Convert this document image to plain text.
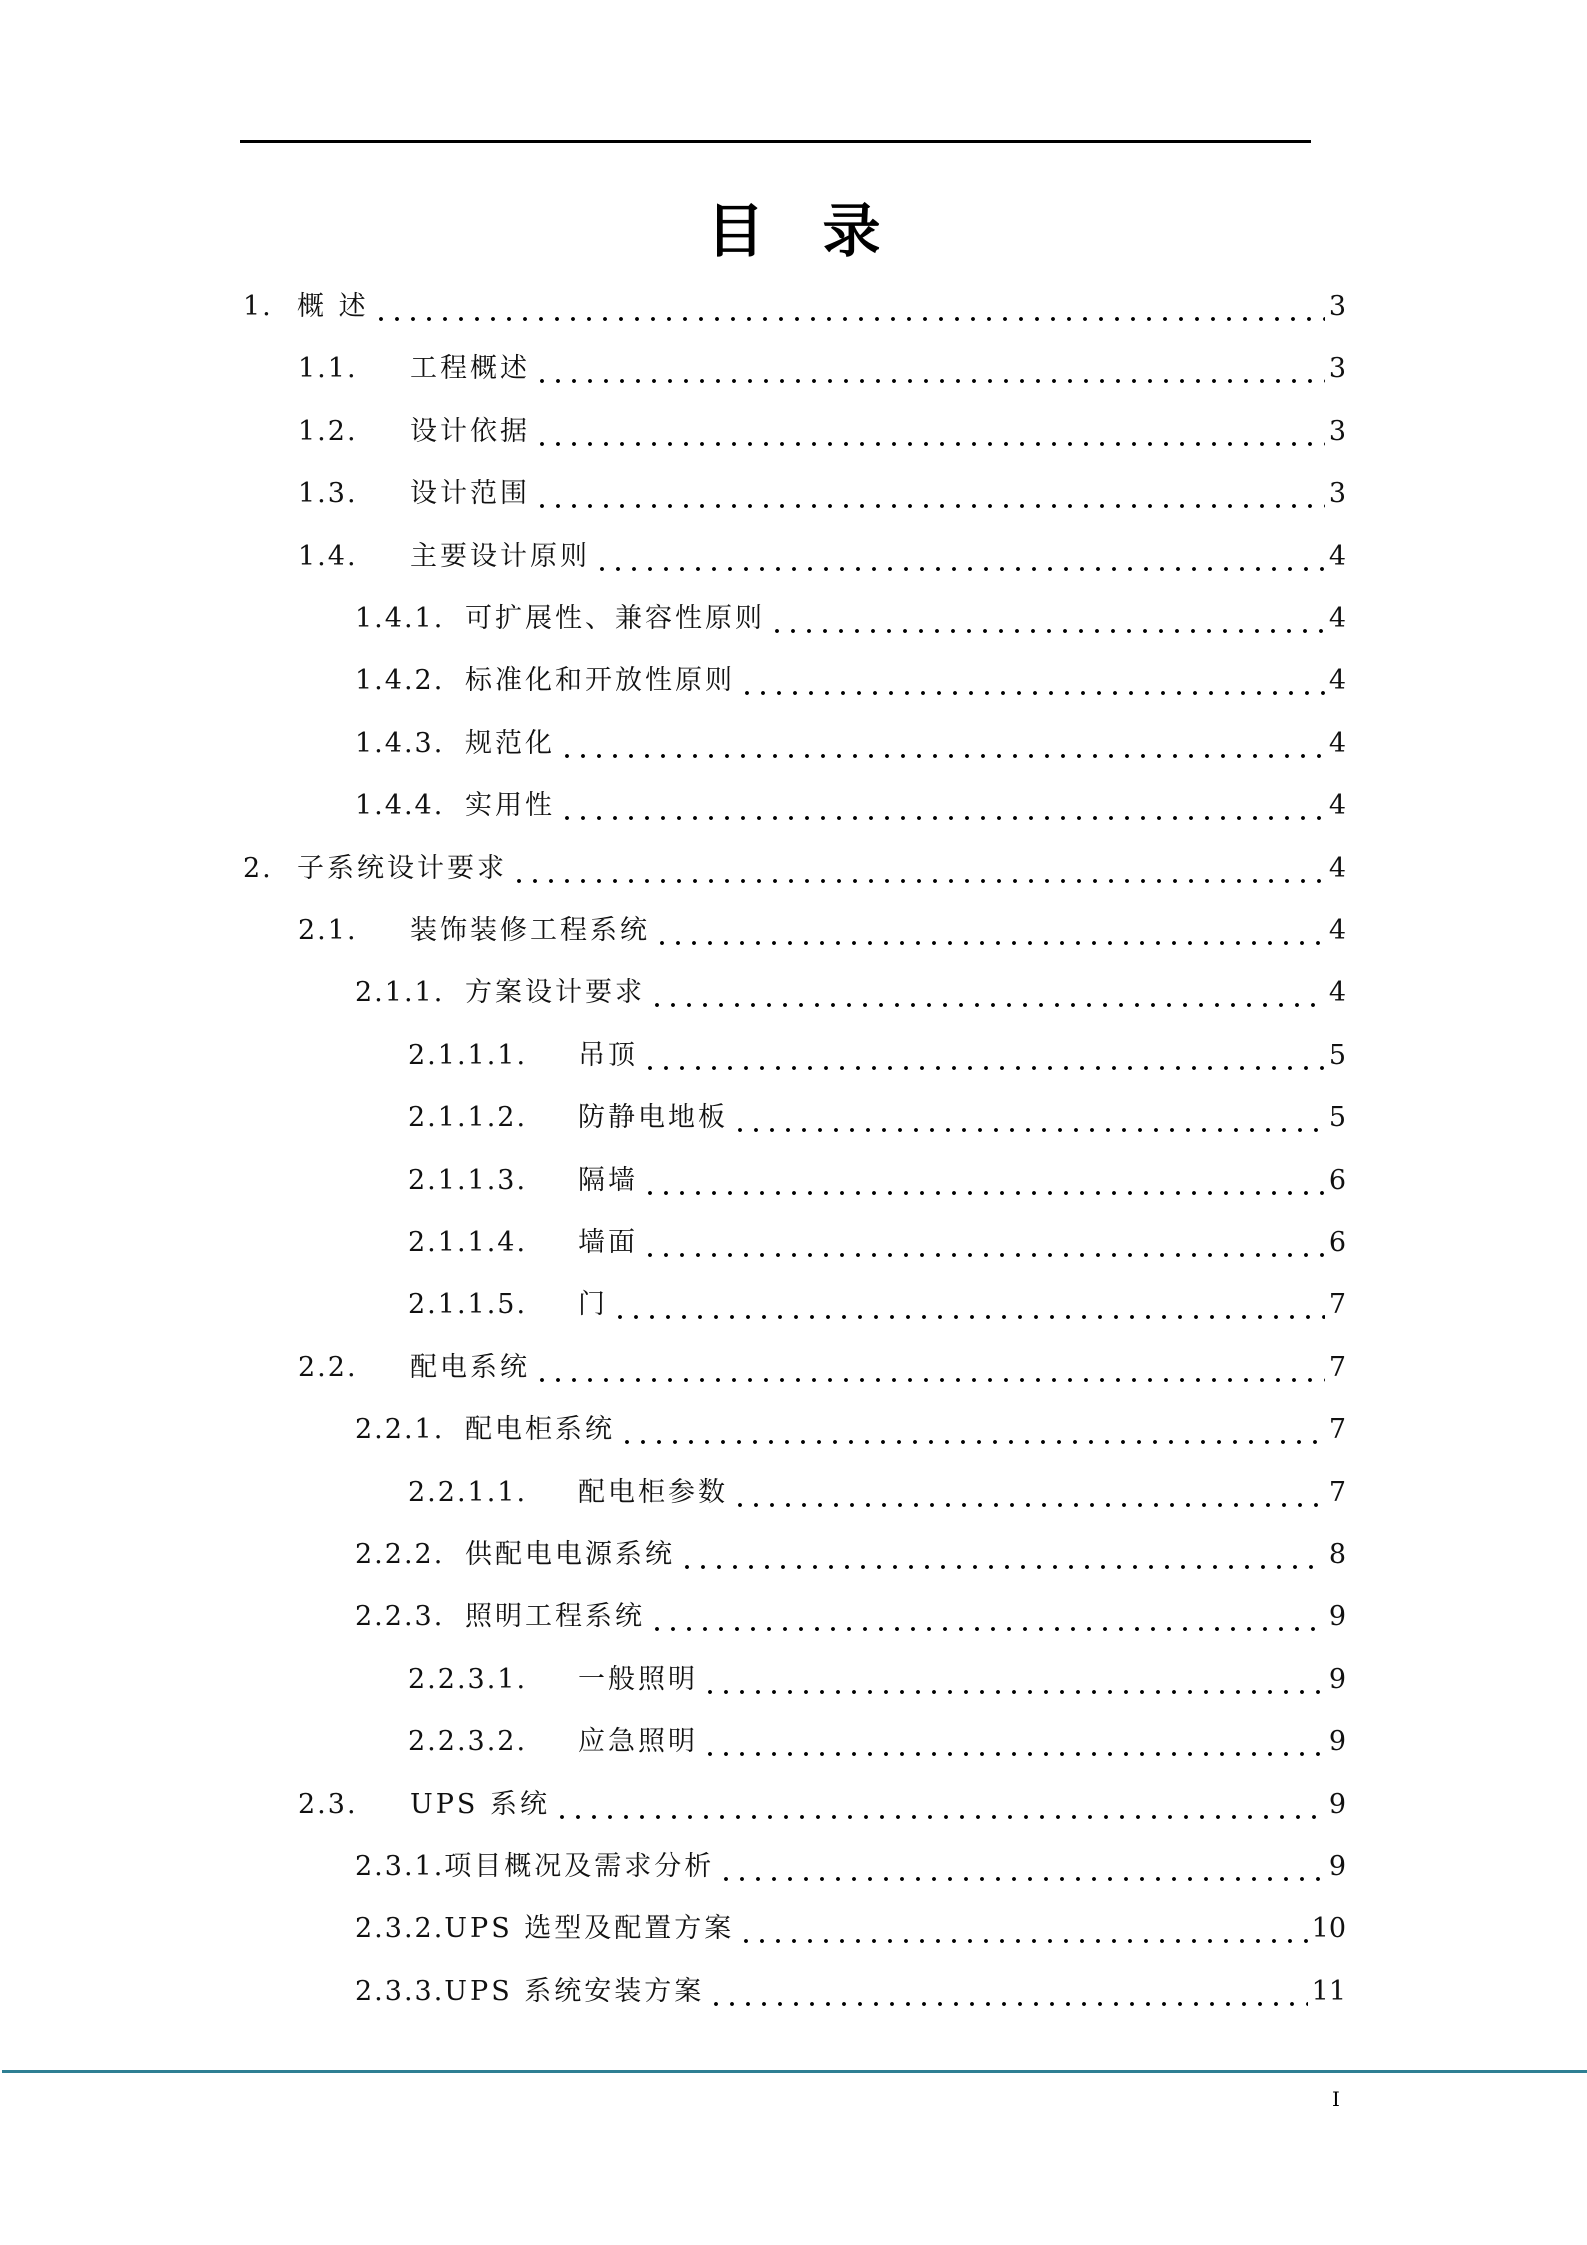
目录
1. 概 述	3
1.1.	工程概述	3
1.2.	设计依据	3
1.3.	设计范围	3
1.4.	主要设计原则	4
1.4.1. 可扩展性、兼容性原则	4
1.4.2. 标准化和开放性原则	4
1.4.3. 规范化	4
1.4.4. 实用性	4
2. 子系统设计要求	4
2.1.	装饰装修工程系统	4
2.1.1. 方案设计要求	4
2.1.1.1.	吊顶	5
2.1.1.2.	防静电地板	5
2.1.1.3.	隔墙	6
2.1.1.4.	墙面	6
2.1.1.5.	门	7
2.2.	配电系统	7
2.2.1. 配电柜系统	7
2.2.1.1.	配电柜参数	7
2.2.2. 供配电电源系统	8
2.2.3. 照明工程系统	9
2.2.3.1.	一般照明	9
2.2.3.2.	应急照明	9
2.3.	UPS 系统	9
2.3.1. 项目概况及需求分析	9
2.3.2. UPS 选型及配置方案	10
2.3.3. UPS 系统安装方案	11
I
